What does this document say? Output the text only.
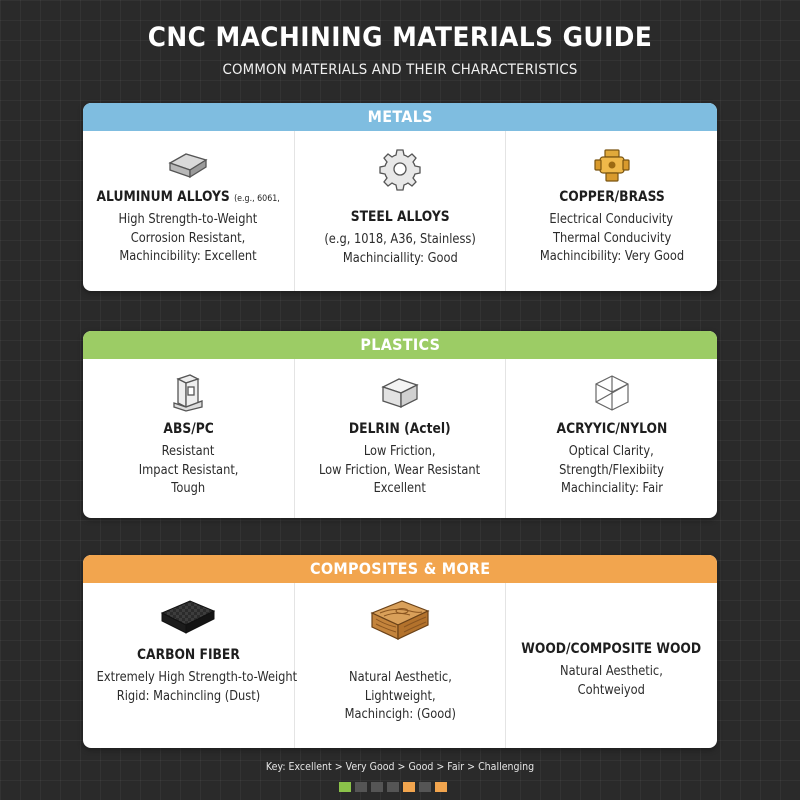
CNC MACHINING MATERIALS GUIDE
COMMON MATERIALS AND THEIR CHARACTERISTICS
METALS
ALUMINUM ALLOYS (e.g., 6061,
High Strength-to-Weight
Corrosion Resistant,
Machincibility: Excellent
STEEL ALLOYS
(e.g, 1018, A36, Stainless)
Machinciallity: Good
COPPER/BRASS
Electrical Conducivity
Thermal Conducivity
Machincibility: Very Good
PLASTICS
ABS/PC
Resistant
Impact Resistant,
Tough
DELRIN (Actel)
Low Friction,
Low Friction, Wear Resistant
Excellent
ACRYYIC/NYLON
Optical Clarity,
Strength/Flexibiity
Machinciality: Fair
COMPOSITES & MORE
CARBON FIBER
Extremely High Strength-to-Weight
Rigid: Machincling (Dust)
Natural Aesthetic,
Lightweight,
Machincigh: (Good)
WOOD/COMPOSITE WOOD
Natural Aesthetic,
Cohtweiyod
Key: Excellent > Very Good > Good > Fair > Challenging
